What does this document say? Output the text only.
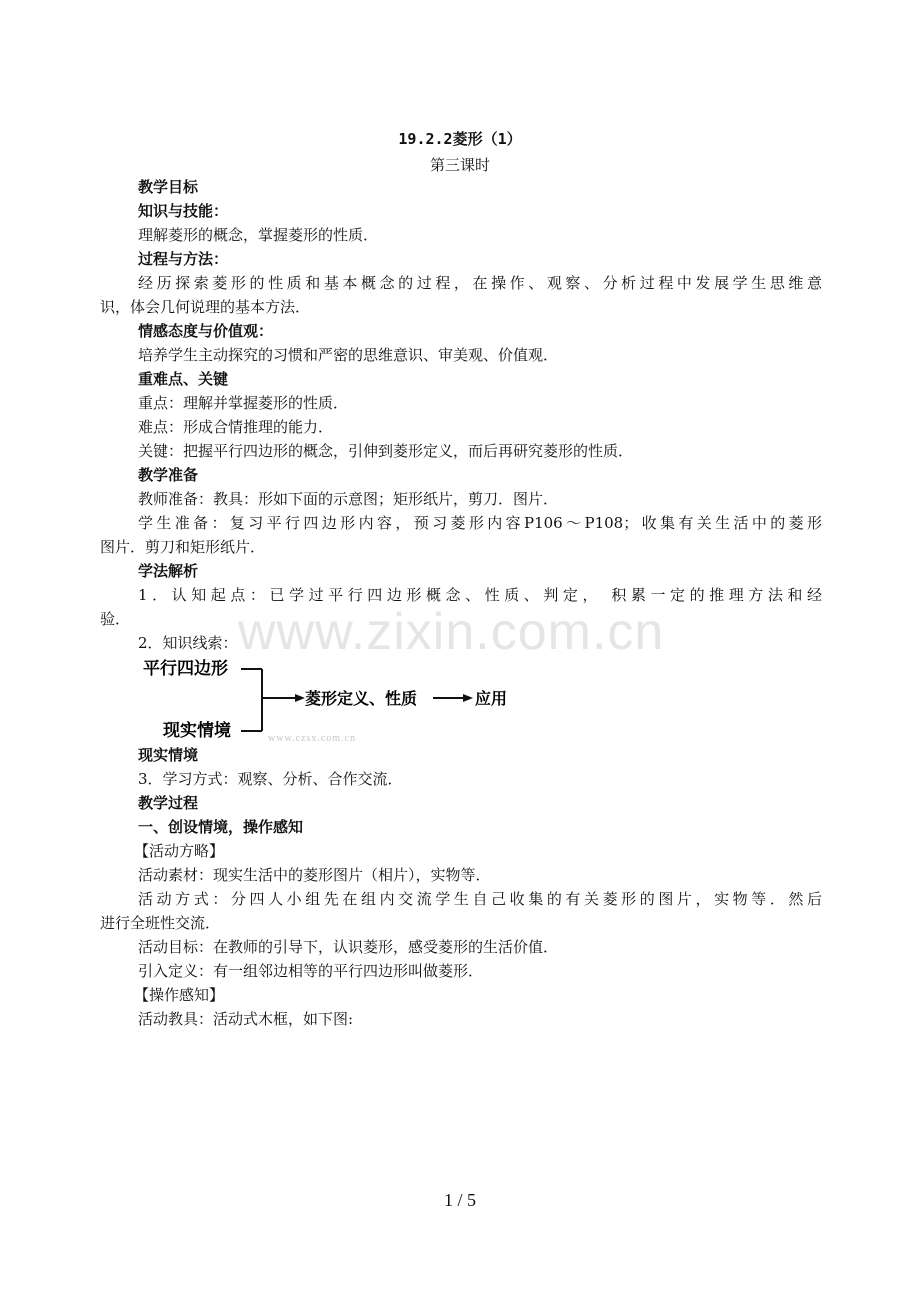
19.2.2菱形（1）
第三课时
教学目标
知识与技能：
理解菱形的概念，掌握菱形的性质．
过程与方法：
经历探索菱形的性质和基本概念的过程，在操作、观察、分析过程中发展学生思维意
识，体会几何说理的基本方法．
情感态度与价值观：
培养学生主动探究的习惯和严密的思维意识、审美观、价值观．
重难点、关键
重点：理解并掌握菱形的性质．
难点：形成合情推理的能力．
关键：把握平行四边形的概念，引伸到菱形定义，而后再研究菱形的性质．
教学准备
教师准备：教具：形如下面的示意图；矩形纸片，剪刀．图片．
学生准备：复习平行四边形内容，预习菱形内容P106～P108；收集有关生活中的菱形
图片．剪刀和矩形纸片．
学法解析
1．认知起点：已学过平行四边形概念、性质、判定， 积累一定的推理方法和经
验．
2．知识线索：
平行四边形
现实情境
菱形定义、性质	应用
www.zixin.com.cn
www.czsx.com.cn
现实情境
3．学习方式：观察、分析、合作交流．
教学过程
一、创设情境，操作感知
【活动方略】
活动素材：现实生活中的菱形图片（相片），实物等．
活动方式：分四人小组先在组内交流学生自己收集的有关菱形的图片，实物等．然后
进行全班性交流．
活动目标：在教师的引导下，认识菱形，感受菱形的生活价值．
引入定义：有一组邻边相等的平行四边形叫做菱形．
【操作感知】
活动教具：活动式木框，如下图:
1 / 5
